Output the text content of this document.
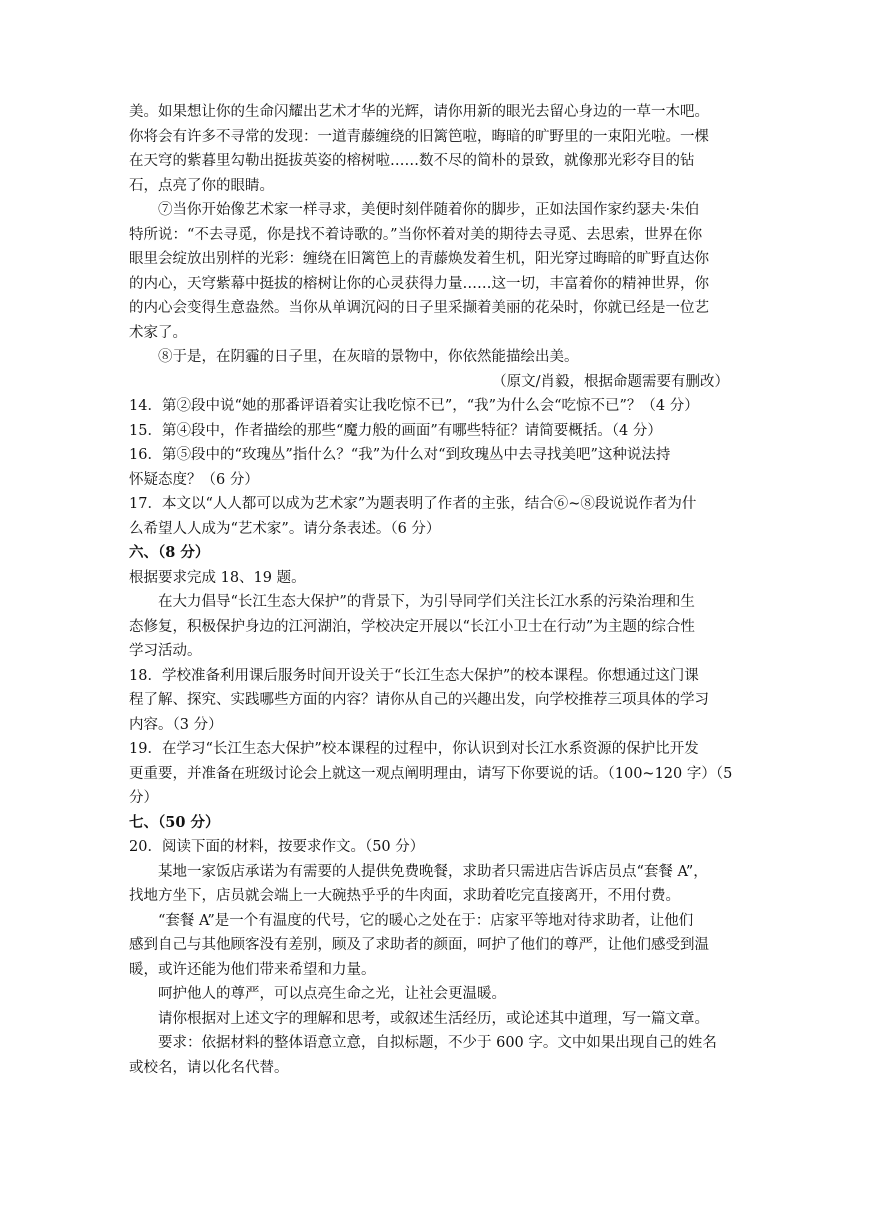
美。如果想让你的生命闪耀出艺术才华的光辉，请你用新的眼光去留心身边的一草一木吧。
你将会有许多不寻常的发现：一道青藤缠绕的旧篱笆啦，晦暗的旷野里的一束阳光啦。一棵
在天穹的紫暮里勾勒出挺拔英姿的榕树啦……数不尽的简朴的景致，就像那光彩夺目的钻
石，点亮了你的眼睛。
⑦当你开始像艺术家一样寻求，美便时刻伴随着你的脚步，正如法国作家约瑟夫·朱伯
特所说：“不去寻觅，你是找不着诗歌的。”当你怀着对美的期待去寻觅、去思索，世界在你
眼里会绽放出别样的光彩：缠绕在旧篱笆上的青藤焕发着生机，阳光穿过晦暗的旷野直达你
的内心，天穹紫幕中挺拔的榕树让你的心灵获得力量……这一切，丰富着你的精神世界，你
的内心会变得生意盎然。当你从单调沉闷的日子里采撷着美丽的花朵时，你就已经是一位艺
术家了。
⑧于是，在阴霾的日子里，在灰暗的景物中，你依然能描绘出美。
（原文/肖毅，根据命题需要有删改）
14．第②段中说“她的那番评语着实让我吃惊不已”，“我”为什么会“吃惊不已”？（4 分）
15．第④段中，作者描绘的那些“魔力般的画面”有哪些特征？请简要概括。（4 分）
16．第⑤段中的“玫瑰丛”指什么？“我”为什么对“到玫瑰丛中去寻找美吧”这种说法持
怀疑态度？（6 分）
17．本文以“人人都可以成为艺术家”为题表明了作者的主张，结合⑥~⑧段说说作者为什
么希望人人成为“艺术家”。请分条表述。（6 分）
六、（8 分）
根据要求完成 18、19 题。
在大力倡导“长江生态大保护”的背景下，为引导同学们关注长江水系的污染治理和生
态修复，积极保护身边的江河湖泊，学校决定开展以“长江小卫士在行动”为主题的综合性
学习活动。
18．学校准备利用课后服务时间开设关于“长江生态大保护”的校本课程。你想通过这门课
程了解、探究、实践哪些方面的内容？请你从自己的兴趣出发，向学校推荐三项具体的学习
内容。（3 分）
19．在学习“长江生态大保护”校本课程的过程中，你认识到对长江水系资源的保护比开发
更重要，并准备在班级讨论会上就这一观点阐明理由，请写下你要说的话。（100~120 字）（5
分）
七、（50 分）
20．阅读下面的材料，按要求作文。（50 分）
某地一家饭店承诺为有需要的人提供免费晚餐，求助者只需进店告诉店员点“套餐 A”，
找地方坐下，店员就会端上一大碗热乎乎的牛肉面，求助着吃完直接离开，不用付费。
“套餐 A”是一个有温度的代号，它的暖心之处在于：店家平等地对待求助者，让他们
感到自己与其他顾客没有差别，顾及了求助者的颜面，呵护了他们的尊严，让他们感受到温
暖，或许还能为他们带来希望和力量。
呵护他人的尊严，可以点亮生命之光，让社会更温暖。
请你根据对上述文字的理解和思考，或叙述生活经历，或论述其中道理，写一篇文章。
要求：依据材料的整体语意立意，自拟标题，不少于 600 字。文中如果出现自己的姓名
或校名，请以化名代替。
